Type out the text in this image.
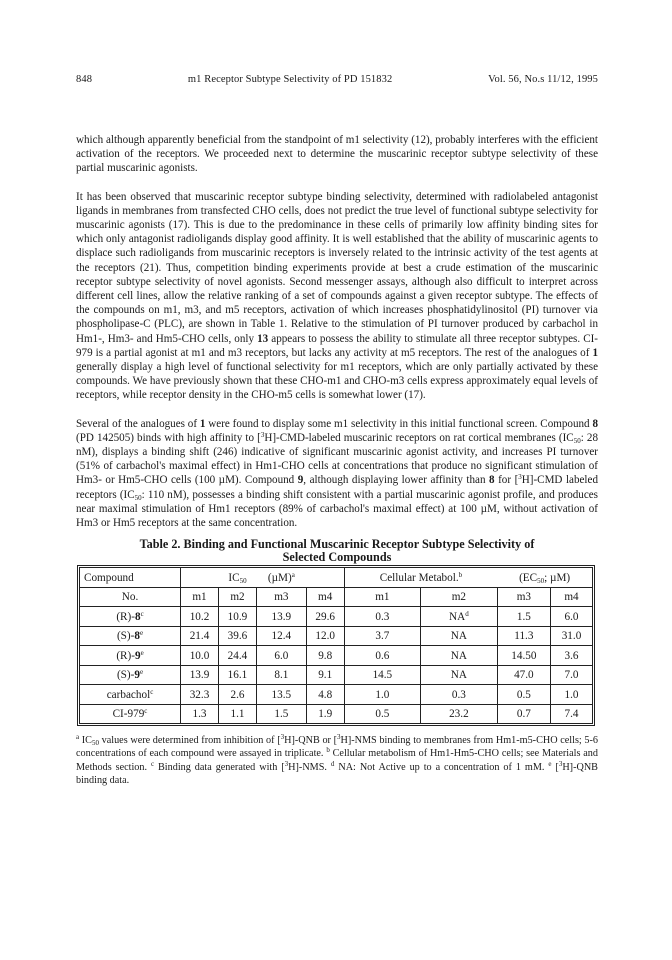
848	m1 Receptor Subtype Selectivity of PD 151832	Vol. 56, No.s 11/12, 1995

which although apparently beneficial from the standpoint of m1 selectivity (12), probably interferes with the efficient activation of the receptors. We proceeded next to determine the muscarinic receptor subtype selectivity of these partial muscarinic agonists.

It has been observed that muscarinic receptor subtype binding selectivity, determined with radiolabeled antagonist ligands in membranes from transfected CHO cells, does not predict the true level of functional subtype selectivity for muscarinic agonists (17). This is due to the predominance in these cells of primarily low affinity binding sites for which only antagonist radioligands display good affinity. It is well established that the ability of muscarinic agents to displace such radioligands from muscarinic receptors is inversely related to the intrinsic activity of the test agents at the receptors (21). Thus, competition binding experiments provide at best a crude estimation of the muscarinic receptor subtype selectivity of novel agonists. Second messenger assays, although also difficult to interpret across different cell lines, allow the relative ranking of a set of compounds against a given receptor subtype. The effects of the compounds on m1, m3, and m5 receptors, activation of which increases phosphatidylinositol (PI) turnover via phospholipase-C (PLC), are shown in Table 1. Relative to the stimulation of PI turnover produced by carbachol in Hm1-, Hm3- and Hm5-CHO cells, only 13 appears to possess the ability to stimulate all three receptor subtypes. CI-979 is a partial agonist at m1 and m3 receptors, but lacks any activity at m5 receptors. The rest of the analogues of 1 generally display a high level of functional selectivity for m1 receptors, which are only partially activated by these compounds. We have previously shown that these CHO-m1 and CHO-m3 cells express approximately equal levels of receptors, while receptor density in the CHO-m5 cells is somewhat lower (17).

Several of the analogues of 1 were found to display some m1 selectivity in this initial functional screen. Compound 8 (PD 142505) binds with high affinity to [$^3$H]-CMD-labeled muscarinic receptors on rat cortical membranes ($IC_{50}$: 28 nM), displays a binding shift (246) indicative of significant muscarinic agonist activity, and increases PI turnover (51% of carbachol's maximal effect) in Hm1-CHO cells at concentrations that produce no significant stimulation of Hm3- or Hm5-CHO cells (100 µM). Compound 9, although displaying lower affinity than 8 for [$^3$H]-CMD labeled receptors ($IC_{50}$: 110 nM), possesses a binding shift consistent with a partial muscarinic agonist profile, and produces near maximal stimulation of Hm1 receptors (89% of carbachol's maximal effect) at 100 µM, without activation of Hm3 or Hm5 receptors at the same concentration.

Table 2. Binding and Functional Muscarinic Receptor Subtype Selectivity of
Selected Compounds
Compound		$IC_{50}$	$(\mu M)^a$		Cellular Metabol.$^b$		($EC_{50}$; µM)	
No.	m1	m2	m3	m4	m1	m2	m3	m4
(R)-8$^c$	10.2	10.9	13.9	29.6	0.3	$NA^d$	1.5	6.0
(S)-8e	21.4	39.6	12.4	12.0	3.7	NA	11.3	31.0
(R)-9e	10.0	24.4	6.0	9.8	0.6	NA	14.50	3.6
(S)-9e	13.9	16.1	8.1	9.1	14.5	NA	47.0	7.0
carbachol$^c$	32.3	2.6	13.5	4.8	1.0	0.3	0.5	1.0
CI-979$^c$	1.3	1.1	1.5	1.9	0.5	23.2	0.7	7.4
$^a$ $IC_{50}$ values were determined from inhibition of [$^3$H]-QNB or [$^3$H]-NMS binding to membranes from Hm1-m5-CHO cells; 5-6 concentrations of each compound were assayed in triplicate. $^b$ Cellular metabolism of Hm1-Hm5-CHO cells; see Materials and Methods section. $^c$ Binding data generated with [$^3$H]-NMS. $^d$ NA: Not Active up to a concentration of 1 mM. $^e$ [$^3$H]-QNB binding data.
